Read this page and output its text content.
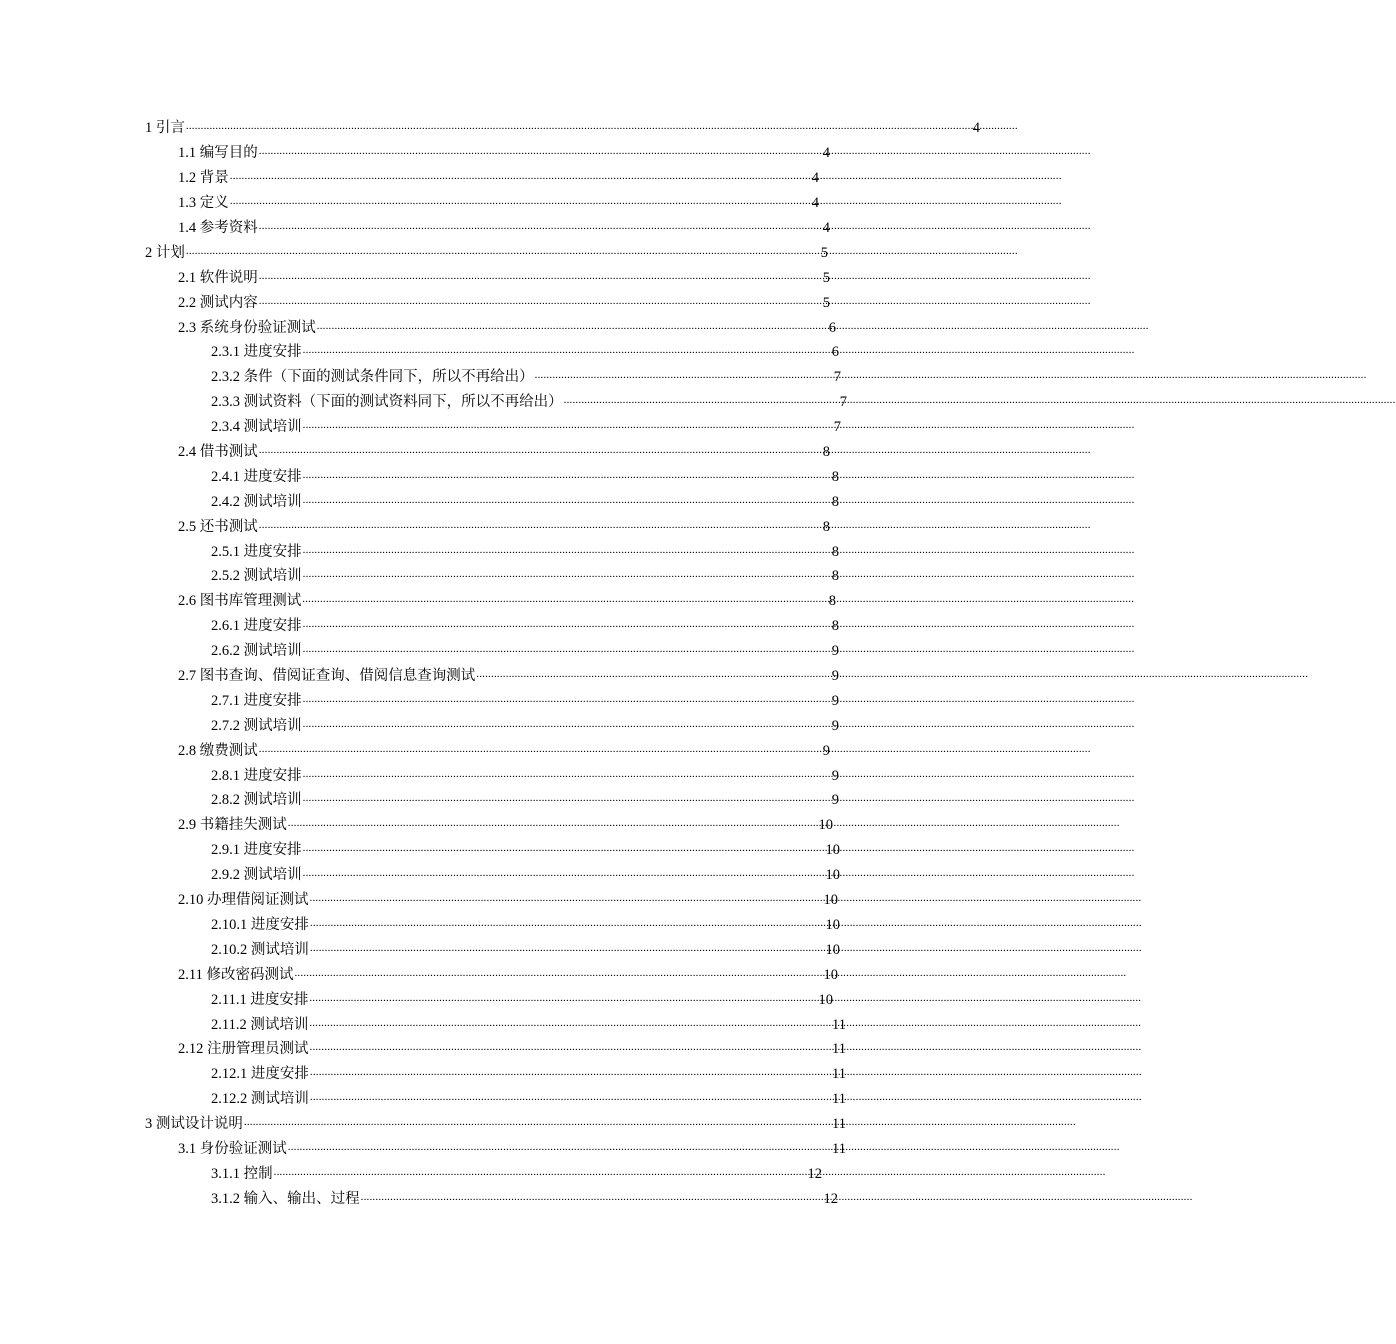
1 引言 .....	4
1.1 编写目的 .....	4
1.2 背景 .....	4
1.3 定义 .....	4
1.4 参考资料 .....	4
2 计划 .....	5
2.1 软件说明 .....	5
2.2 测试内容 .....	5
2.3 系统身份验证测试 .....	6
2.3.1 进度安排 .....	6
2.3.2 条件（下面的测试条件同下，所以不再给出） .....	7
2.3.3 测试资料（下面的测试资料同下，所以不再给出） .....	7
2.3.4 测试培训 .....	7
2.4 借书测试 .....	8
2.4.1 进度安排 .....	8
2.4.2 测试培训 .....	8
2.5 还书测试 .....	8
2.5.1 进度安排 .....	8
2.5.2 测试培训 .....	8
2.6 图书库管理测试 .....	8
2.6.1 进度安排 .....	8
2.6.2 测试培训 .....	9
2.7 图书查询、借阅证查询、借阅信息查询测试 .....	9
2.7.1 进度安排 .....	9
2.7.2 测试培训 .....	9
2.8 缴费测试 .....	9
2.8.1 进度安排 .....	9
2.8.2 测试培训 .....	9
2.9 书籍挂失测试 .....	10
2.9.1 进度安排 .....	10
2.9.2 测试培训 .....	10
2.10 办理借阅证测试 .....	10
2.10.1 进度安排 .....	10
2.10.2 测试培训 .....	10
2.11 修改密码测试 .....	10
2.11.1 进度安排 .....	10
2.11.2 测试培训 .....	11
2.12 注册管理员测试 .....	11
2.12.1 进度安排 .....	11
2.12.2 测试培训 .....	11
3 测试设计说明 .....	11
3.1 身份验证测试 .....	11
3.1.1 控制 .....	12
3.1.2 输入、输出、过程 .....	12
